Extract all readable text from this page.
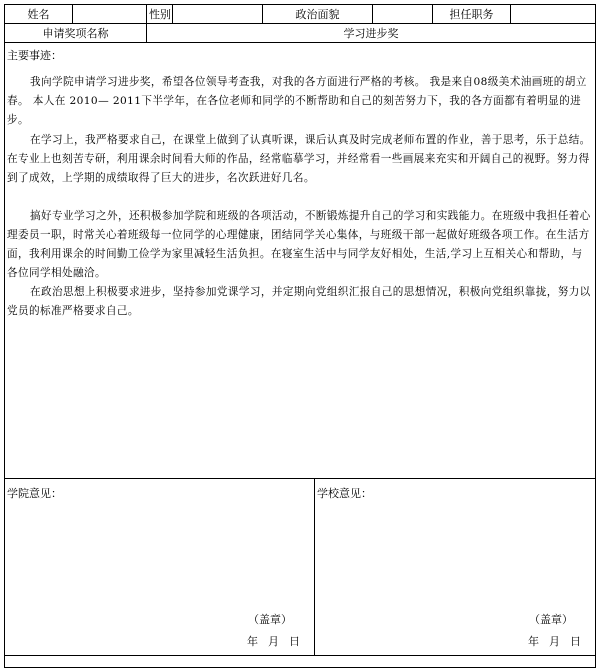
姓名	性别	政治面貌	担任职务
申请奖项名称	学习进步奖
主要事迹：
我向学院申请学习进步奖，希望各位领导考查我，对我的各方面进行严格的考核。 我是来自08级美术油画班的胡立春。 本人在 2010— 2011下半学年，在各位老师和同学的不断帮助和自己的刻苦努力下，我的各方面都有着明显的进步。
在学习上，我严格要求自己，在课堂上做到了认真听课，课后认真及时完成老师布置的作业，善于思考，乐于总结。在专业上也刻苦专研，利用课余时间看大师的作品，经常临摹学习，并经常看一些画展来充实和开阔自己的视野。努力得到了成效，上学期的成绩取得了巨大的进步，名次跃进好几名。
搞好专业学习之外，还积极参加学院和班级的各项活动，不断锻炼提升自己的学习和实践能力。在班级中我担任着心理委员一职，时常关心着班级每一位同学的心理健康，团结同学关心集体，与班级干部一起做好班级各项工作。在生活方面，我利用课余的时间勤工俭学为家里减轻生活负担。在寝室生活中与同学友好相处，生活,学习上互相关心和帮助，与各位同学相处融洽。
在政治思想上积极要求进步，坚持参加党课学习，并定期向党组织汇报自己的思想情况，积极向党组织靠拢，努力以党员的标准严格要求自己。
学院意见：
（盖章）
年月日
学校意见：
（盖章）
年月日
